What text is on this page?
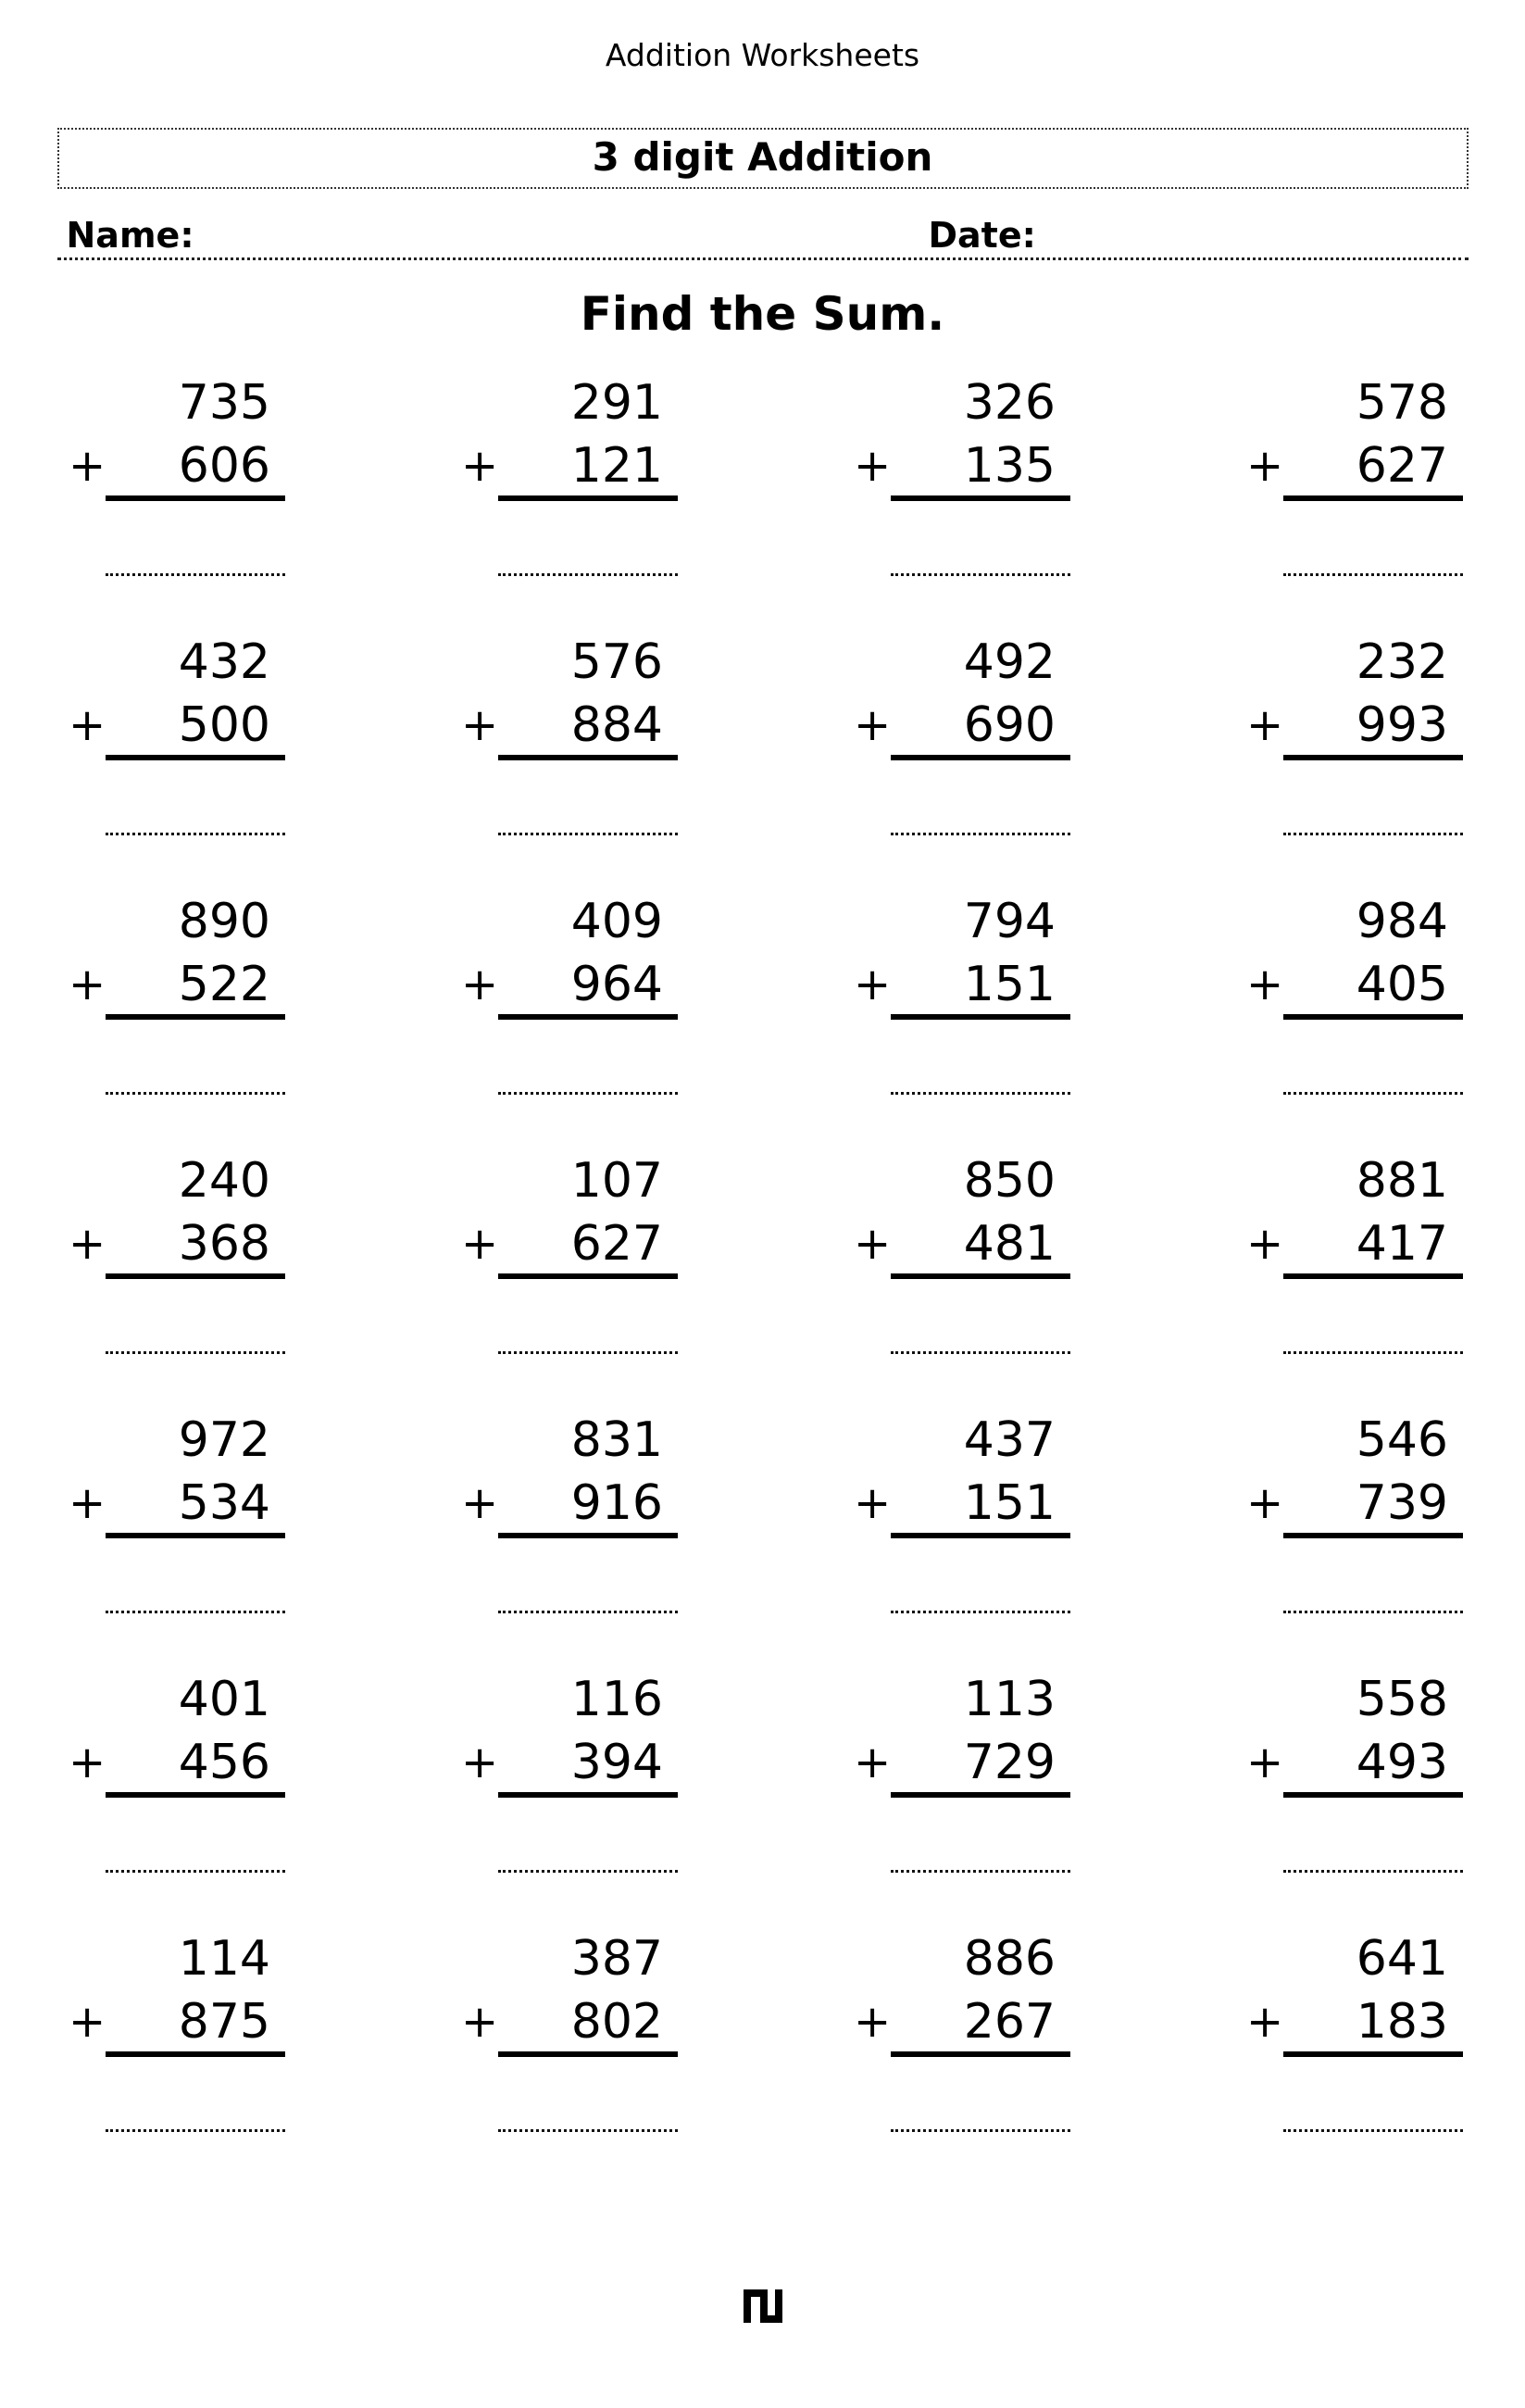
Addition Worksheets
3 digit Addition
Name:	Date:
Find the Sum.
735
+	606
291
+	121
326
+	135
578
+	627
432
+	500
576
+	884
492
+	690
232
+	993
890
+	522
409
+	964
794
+	151
984
+	405
240
+	368
107
+	627
850
+	481
881
+	417
972
+	534
831
+	916
437
+	151
546
+	739
401
+	456
116
+	394
113
+	729
558
+	493
114
+	875
387
+	802
886
+	267
641
+	183
